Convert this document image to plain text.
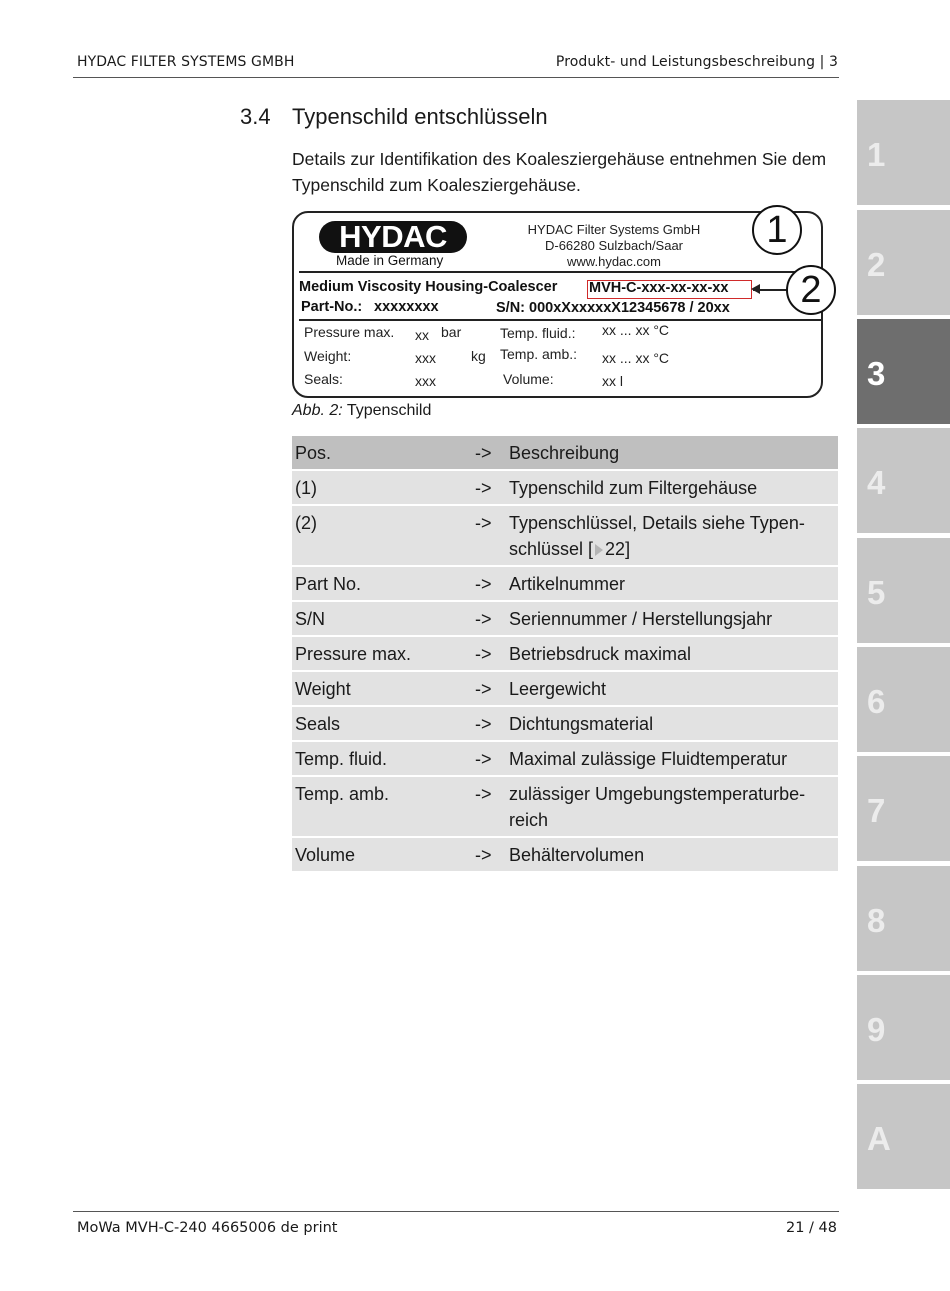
HYDAC FILTER SYSTEMS GMBH	Produkt- und Leistungsbeschreibung | 3
3.4 Typenschild entschlüsseln
Details zur Identifikation des Koalesziergehäuse entnehmen Sie dem Typenschild zum Koalesziergehäuse.
HYDAC
Made in Germany
HYDAC Filter Systems GmbH
D-66280 Sulzbach/Saar
www.hydac.com
Medium Viscosity Housing-Coalescer MVH-C-xxx-xx-xx-xx
Part-No.: xxxxxxxx	S/N: 000xXxxxxxX12345678 / 20xx
Pressure max. xx bar
Weight:	xxx	kg
Seals:	xxx
Temp. fluid.: xx ... xx °C
Temp. amb.: xx ... xx °C
Volume:	xx l
1
2
Abb. 2: Typenschild
Pos.	->	Beschreibung
(1)	->	Typenschild zum Filtergehäuse
(2)	->	Typenschlüssel, Details siehe Typenschlüssel [ 22]
Part No.	->	Artikelnummer
S/N	->	Seriennummer / Herstellungsjahr
Pressure max.	->	Betriebsdruck maximal
Weight	->	Leergewicht
Seals	->	Dichtungsmaterial
Temp. fluid.	->	Maximal zulässige Fluidtemperatur
Temp. amb.	->	zulässiger Umgebungstemperaturbereich
Volume	->	Behältervolumen
1
2
3
4
5
6
7
8
9
A
MoWa MVH-C-240 4665006 de print	21 / 48
